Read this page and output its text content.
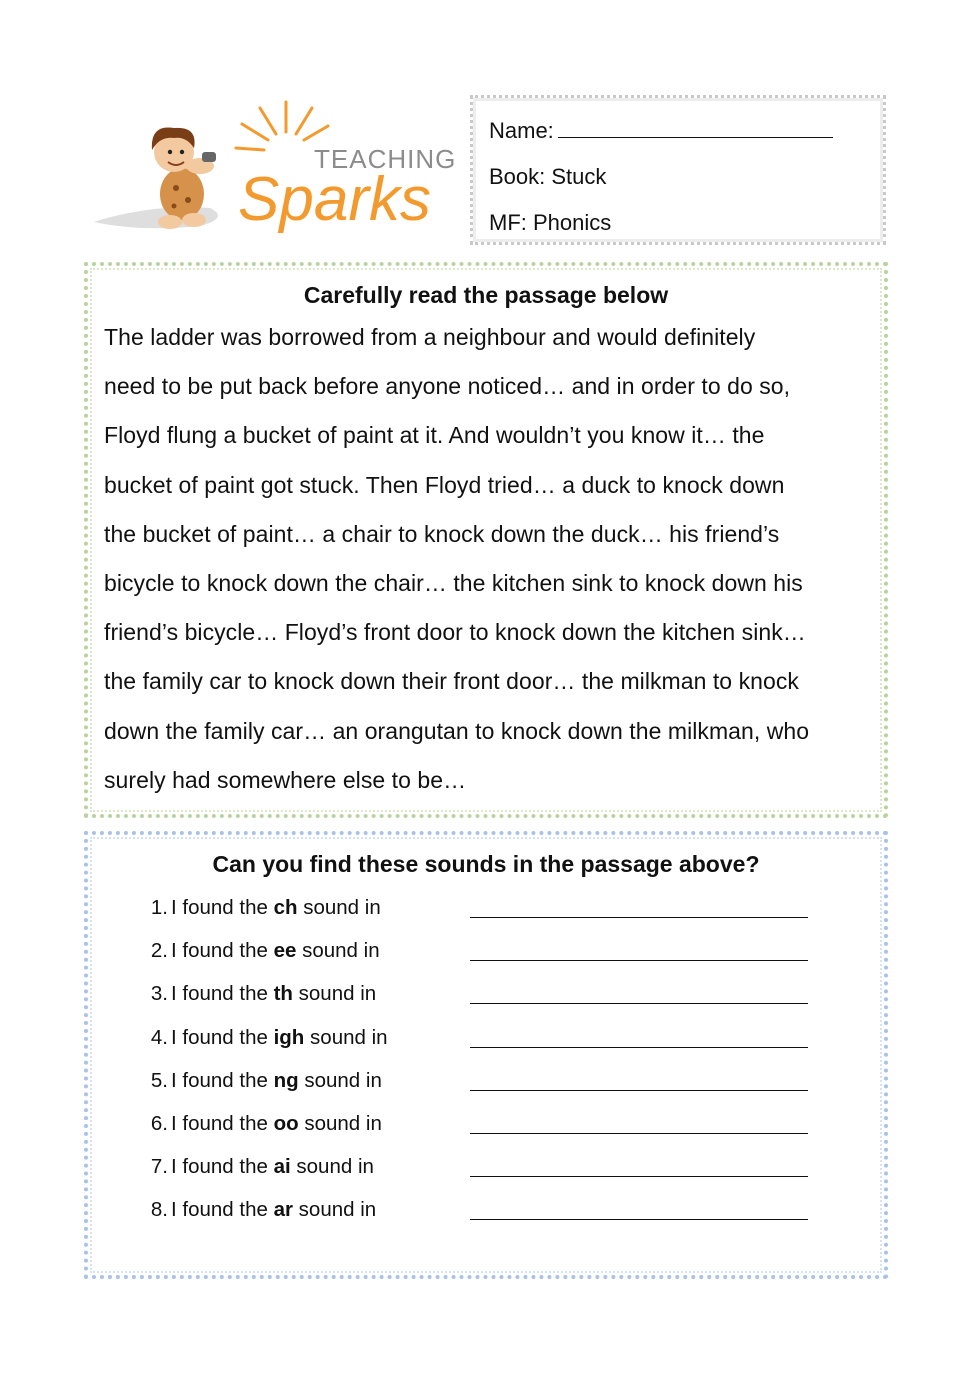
TEACHING
Sparks
Name:
Book: Stuck
MF: Phonics

Carefully read the passage below

The ladder was borrowed from a neighbour and would definitely
need to be put back before anyone noticed… and in order to do so,
Floyd flung a bucket of paint at it. And wouldn’t you know it… the
bucket of paint got stuck. Then Floyd tried… a duck to knock down
the bucket of paint… a chair to knock down the duck… his friend’s
bicycle to knock down the chair… the kitchen sink to knock down his
friend’s bicycle… Floyd’s front door to knock down the kitchen sink…
the family car to knock down their front door… the milkman to knock
down the family car… an orangutan to knock down the milkman, who
surely had somewhere else to be…

Can you find these sounds in the passage above?

1. I found the ch sound in
2. I found the ee sound in
3. I found the th sound in
4. I found the igh sound in
5. I found the ng sound in
6. I found the oo sound in
7. I found the ai sound in
8. I found the ar sound in
